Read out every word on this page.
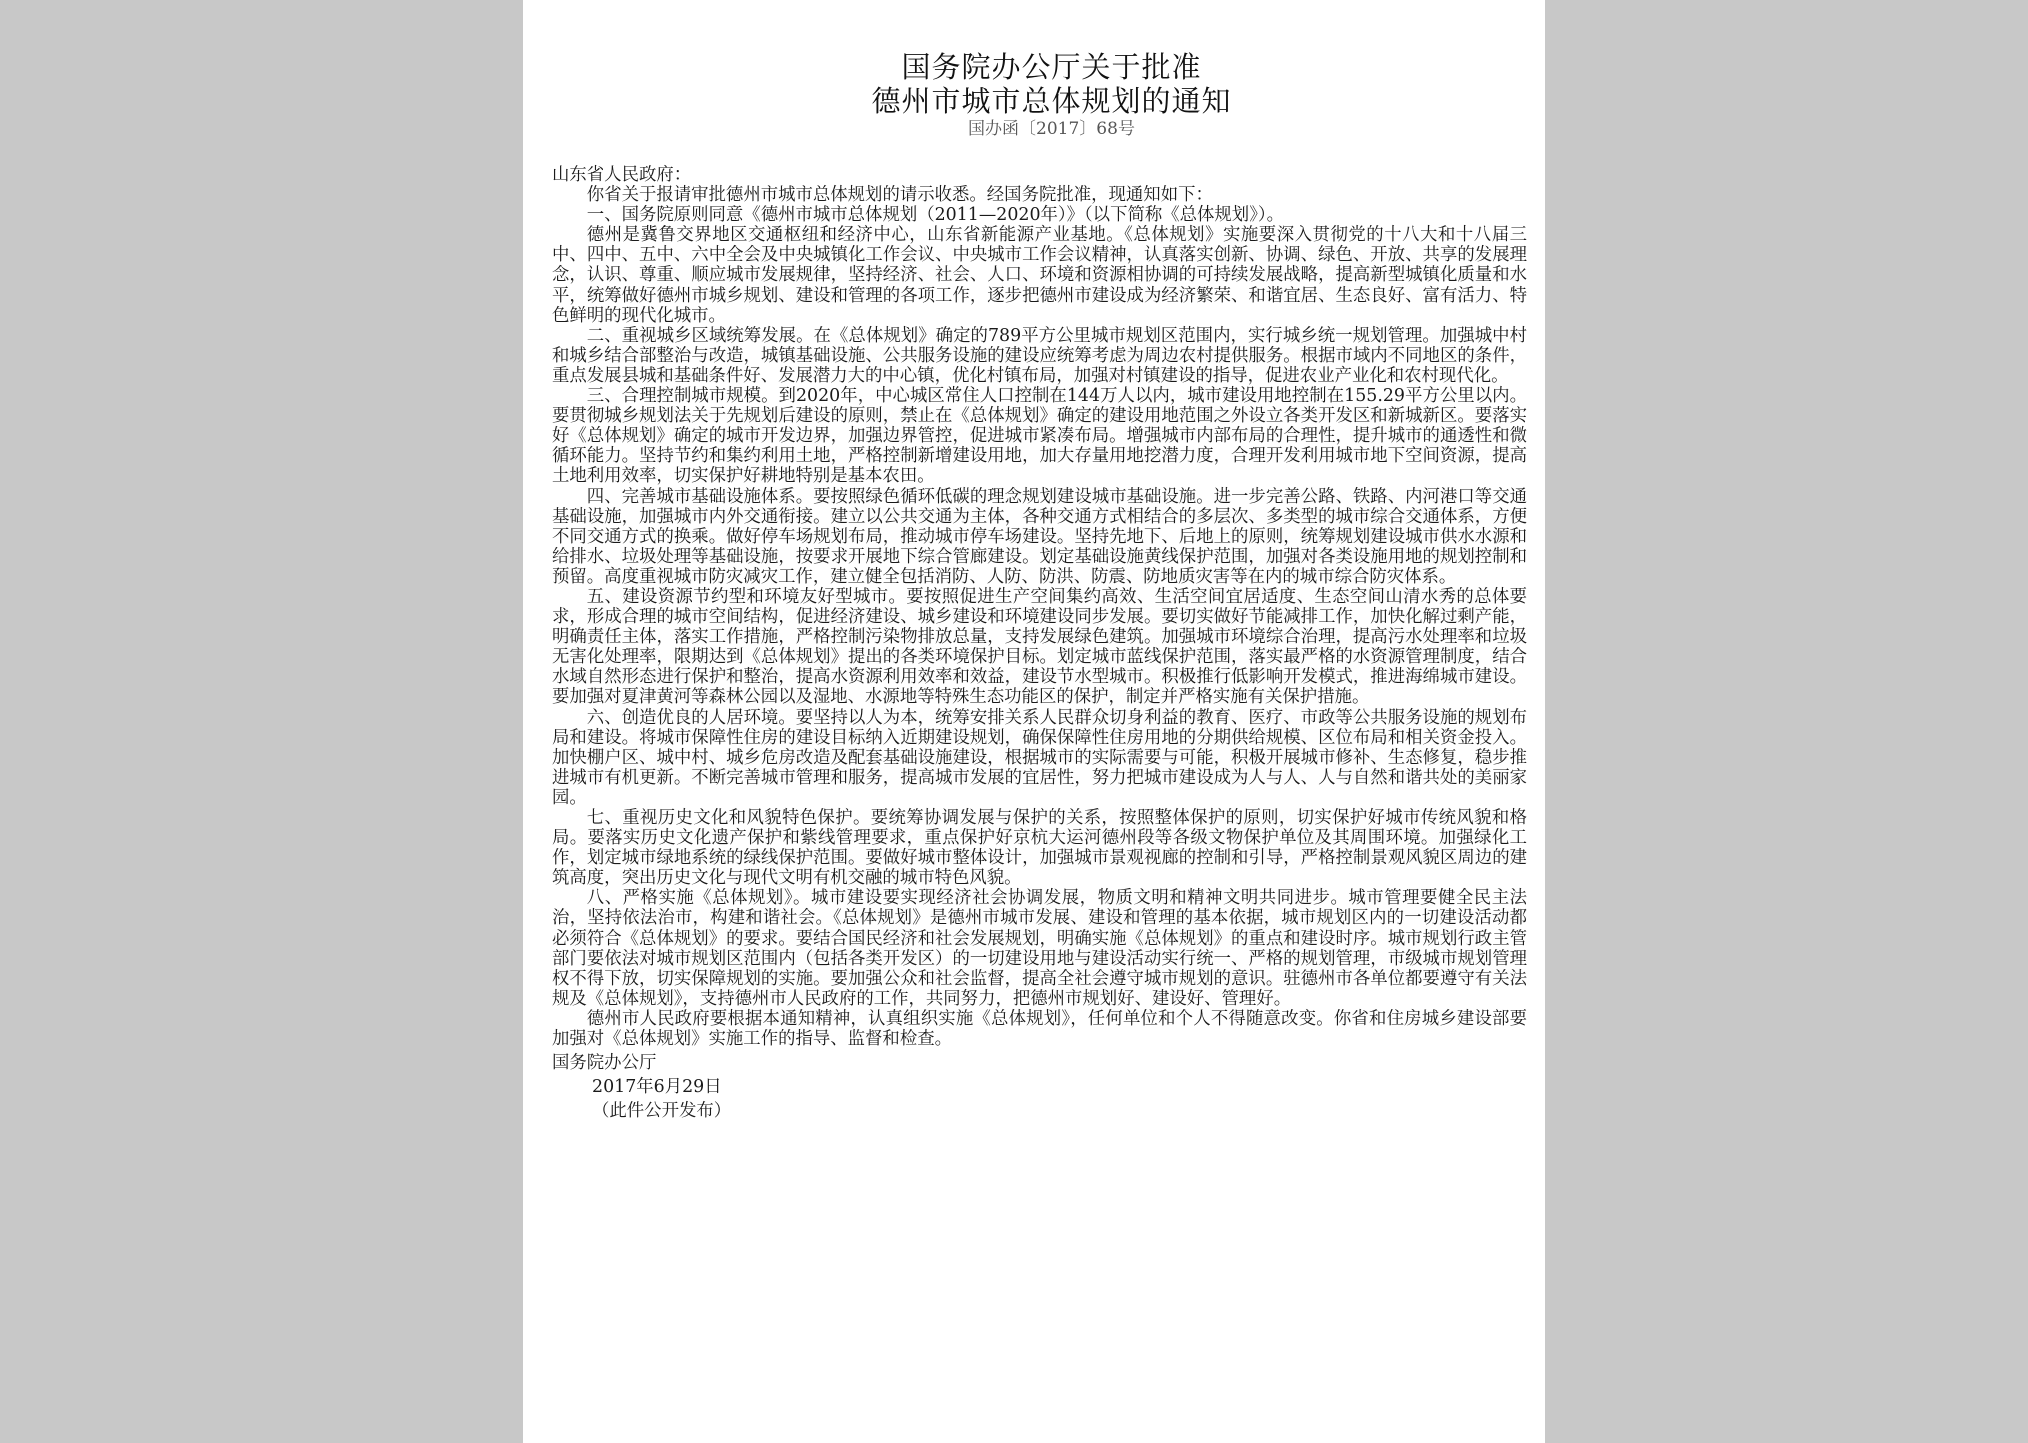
国务院办公厅关于批准

德州市城市总体规划的通知

国办函〔2017〕68号

山东省人民政府：

你省关于报请审批德州市城市总体规划的请示收悉。经国务院批准，现通知如下：

一、国务院原则同意《德州市城市总体规划（2011—2020年）》（以下简称《总体规划》）。

德州是冀鲁交界地区交通枢纽和经济中心，山东省新能源产业基地。《总体规划》实施要深入贯彻党的十八大和十八届三中、四中、五中、六中全会及中央城镇化工作会议、中央城市工作会议精神，认真落实创新、协调、绿色、开放、共享的发展理念，认识、尊重、顺应城市发展规律，坚持经济、社会、人口、环境和资源相协调的可持续发展战略，提高新型城镇化质量和水平，统筹做好德州市城乡规划、建设和管理的各项工作，逐步把德州市建设成为经济繁荣、和谐宜居、生态良好、富有活力、特色鲜明的现代化城市。

二、重视城乡区域统筹发展。在《总体规划》确定的789平方公里城市规划区范围内，实行城乡统一规划管理。加强城中村和城乡结合部整治与改造，城镇基础设施、公共服务设施的建设应统筹考虑为周边农村提供服务。根据市域内不同地区的条件，重点发展县城和基础条件好、发展潜力大的中心镇，优化村镇布局，加强对村镇建设的指导，促进农业产业化和农村现代化。

三、合理控制城市规模。到2020年，中心城区常住人口控制在144万人以内，城市建设用地控制在155.29平方公里以内。要贯彻城乡规划法关于先规划后建设的原则，禁止在《总体规划》确定的建设用地范围之外设立各类开发区和新城新区。要落实好《总体规划》确定的城市开发边界，加强边界管控，促进城市紧凑布局。增强城市内部布局的合理性，提升城市的通透性和微循环能力。坚持节约和集约利用土地，严格控制新增建设用地，加大存量用地挖潜力度，合理开发利用城市地下空间资源，提高土地利用效率，切实保护好耕地特别是基本农田。

四、完善城市基础设施体系。要按照绿色循环低碳的理念规划建设城市基础设施。进一步完善公路、铁路、内河港口等交通基础设施，加强城市内外交通衔接。建立以公共交通为主体，各种交通方式相结合的多层次、多类型的城市综合交通体系，方便不同交通方式的换乘。做好停车场规划布局，推动城市停车场建设。坚持先地下、后地上的原则，统筹规划建设城市供水水源和给排水、垃圾处理等基础设施，按要求开展地下综合管廊建设。划定基础设施黄线保护范围，加强对各类设施用地的规划控制和预留。高度重视城市防灾减灾工作，建立健全包括消防、人防、防洪、防震、防地质灾害等在内的城市综合防灾体系。

五、建设资源节约型和环境友好型城市。要按照促进生产空间集约高效、生活空间宜居适度、生态空间山清水秀的总体要求，形成合理的城市空间结构，促进经济建设、城乡建设和环境建设同步发展。要切实做好节能减排工作，加快化解过剩产能，明确责任主体，落实工作措施，严格控制污染物排放总量，支持发展绿色建筑。加强城市环境综合治理，提高污水处理率和垃圾无害化处理率，限期达到《总体规划》提出的各类环境保护目标。划定城市蓝线保护范围，落实最严格的水资源管理制度，结合水域自然形态进行保护和整治，提高水资源利用效率和效益，建设节水型城市。积极推行低影响开发模式，推进海绵城市建设。要加强对夏津黄河等森林公园以及湿地、水源地等特殊生态功能区的保护，制定并严格实施有关保护措施。

六、创造优良的人居环境。要坚持以人为本，统筹安排关系人民群众切身利益的教育、医疗、市政等公共服务设施的规划布局和建设。将城市保障性住房的建设目标纳入近期建设规划，确保保障性住房用地的分期供给规模、区位布局和相关资金投入。加快棚户区、城中村、城乡危房改造及配套基础设施建设，根据城市的实际需要与可能，积极开展城市修补、生态修复，稳步推进城市有机更新。不断完善城市管理和服务，提高城市发展的宜居性，努力把城市建设成为人与人、人与自然和谐共处的美丽家园。

七、重视历史文化和风貌特色保护。要统筹协调发展与保护的关系，按照整体保护的原则，切实保护好城市传统风貌和格局。要落实历史文化遗产保护和紫线管理要求，重点保护好京杭大运河德州段等各级文物保护单位及其周围环境。加强绿化工作，划定城市绿地系统的绿线保护范围。要做好城市整体设计，加强城市景观视廊的控制和引导，严格控制景观风貌区周边的建筑高度，突出历史文化与现代文明有机交融的城市特色风貌。

八、严格实施《总体规划》。城市建设要实现经济社会协调发展，物质文明和精神文明共同进步。城市管理要健全民主法治，坚持依法治市，构建和谐社会。《总体规划》是德州市城市发展、建设和管理的基本依据，城市规划区内的一切建设活动都必须符合《总体规划》的要求。要结合国民经济和社会发展规划，明确实施《总体规划》的重点和建设时序。城市规划行政主管部门要依法对城市规划区范围内（包括各类开发区）的一切建设用地与建设活动实行统一、严格的规划管理，市级城市规划管理权不得下放，切实保障规划的实施。要加强公众和社会监督，提高全社会遵守城市规划的意识。驻德州市各单位都要遵守有关法规及《总体规划》，支持德州市人民政府的工作，共同努力，把德州市规划好、建设好、管理好。

德州市人民政府要根据本通知精神，认真组织实施《总体规划》，任何单位和个人不得随意改变。你省和住房城乡建设部要加强对《总体规划》实施工作的指导、监督和检查。

国务院办公厅

2017年6月29日

（此件公开发布）
